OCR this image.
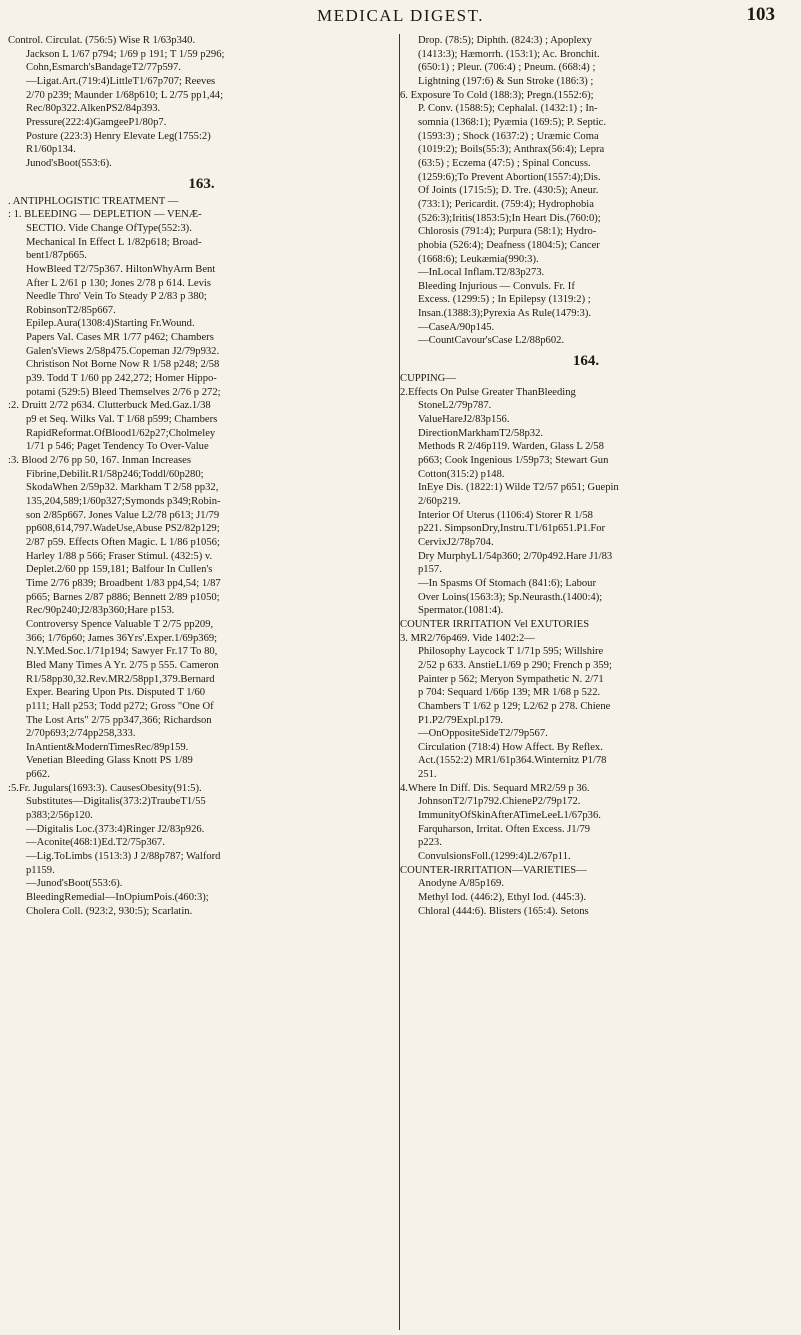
MEDICAL DIGEST.	103
Control. Circulat. (756:5) Wise R 1/63p340.
Jackson L 1/67 p794; 1/69 p 191; T 1/59 p296;
Cohn,Esmarch'sBandageT2/77p597.
—Ligat.Art.(719:4)LittleT1/67p707; Reeves
2/70 p239; Maunder 1/68p610; L 2/75 pp1,44;
Rec/80p322.AlkenPS2/84p393.
Pressure(222:4)GamgeeP1/80p7.
Posture (223:3) Henry Elevate Leg(1755:2)
R1/60p134.
Junod'sBoot(553:6).
163.
. ANTIPHLOGISTIC TREATMENT —
: 1. BLEEDING — DEPLETION — VENÆ-
SECTIO. Vide Change OfType(552:3).
Mechanical In Effect L 1/82p618; Broad-
bent1/87p665.
HowBleed T2/75p367. HiltonWhyArm Bent
After L 2/61 p 130; Jones 2/78 p 614. Levis
Needle Thro' Vein To Steady P 2/83 p 380;
RobinsonT2/85p667.
Epilep.Aura(1308:4)Starting Fr.Wound.
Papers Val. Cases MR 1/77 p462; Chambers
Galen'sViews 2/58p475.Copeman J2/79p932.
Christison Not Borne Now R 1/58 p248; 2/58
p39. Todd T 1/60 pp 242,272; Homer Hippo-
potami (529:5) Bleed Themselves 2/76 p 272;
:2. Druitt 2/72 p634. Clutterbuck Med.Gaz.1/38
p9 et Seq. Wilks Val. T 1/68 p599; Chambers
RapidReformat.OfBlood1/62p27;Cholmeley
1/71 p 546; Paget Tendency To Over-Value
:3. Blood 2/76 pp 50, 167. Inman Increases
Fibrine,Debilit.R1/58p246;Toddl/60p280;
SkodaWhen 2/59p32. Markham T 2/58 pp32,
135,204,589;1/60p327;Symonds p349;Robin-
son 2/85p667. Jones Value L2/78 p613; J1/79
pp608,614,797.WadeUse,Abuse PS2/82p129;
2/87 p59. Effects Often Magic. L 1/86 p1056;
Harley 1/88 p 566; Fraser Stimul. (432:5) v.
Deplet.2/60 pp 159,181; Balfour In Cullen's
Time 2/76 p839; Broadbent 1/83 pp4,54; 1/87
p665; Barnes 2/87 p886; Bennett 2/89 p1050;
Rec/90p240;J2/83p360;Hare p153.
Controversy Spence Valuable T 2/75 pp209,
366; 1/76p60; James 36Yrs'.Exper.1/69p369;
N.Y.Med.Soc.1/71p194; Sawyer Fr.17 To 80,
Bled Many Times A Yr. 2/75 p 555. Cameron
R1/58pp30,32.Rev.MR2/58pp1,379.Bernard
Exper. Bearing Upon Pts. Disputed T 1/60
p111; Hall p253; Todd p272; Gross "One Of
The Lost Arts" 2/75 pp347,366; Richardson
2/70p693;2/74pp258,333.
InAntient&ModernTimesRec/89p159.
Venetian Bleeding Glass Knott PS 1/89
p662.
:5.Fr. Jugulars(1693:3). CausesObesity(91:5).
Substitutes—Digitalis(373:2)TraubeT1/55
p383;2/56p120.
—Digitalis Loc.(373:4)Ringer J2/83p926.
—Aconite(468:1)Ed.T2/75p367.
—Lig.ToLimbs (1513:3) J 2/88p787; Walford
p1159.
—Junod'sBoot(553:6).
BleedingRemedial—InOpiumPois.(460:3);
Cholera Coll. (923:2, 930:5); Scarlatin.
Drop. (78:5); Diphth. (824:3) ; Apoplexy
(1413:3); Hæmorrh. (153:1); Ac. Bronchit.
(650:1) ; Pleur. (706:4) ; Pneum. (668:4) ;
Lightning (197:6) & Sun Stroke (186:3) ;
6. Exposure To Cold (188:3); Pregn.(1552:6);
P. Conv. (1588:5); Cephalal. (1432:1) ; In-
somnia (1368:1); Pyæmia (169:5); P. Septic.
(1593:3) ; Shock (1637:2) ; Uræmic Coma
(1019:2); Boils(55:3); Anthrax(56:4); Lepra
(63:5) ; Eczema (47:5) ; Spinal Concuss.
(1259:6);To Prevent Abortion(1557:4);Dis.
Of Joints (1715:5); D. Tre. (430:5); Aneur.
(733:1); Pericardit. (759:4); Hydrophobia
(526:3);Iritis(1853:5);In Heart Dis.(760:0);
Chlorosis (791:4); Purpura (58:1); Hydro-
phobia (526:4); Deafness (1804:5); Cancer
(1668:6); Leukæmia(990:3).
—InLocal Inflam.T2/83p273.
Bleeding Injurious — Convuls. Fr. If
Excess. (1299:5) ; In Epilepsy (1319:2) ;
Insan.(1388:3);Pyrexia As Rule(1479:3).
—CaseA/90p145.
—CountCavour'sCase L2/88p602.
164.
CUPPING—
2.Effects On Pulse Greater ThanBleeding
StoneL2/79p787.
ValueHareJ2/83p156.
DirectionMarkhamT2/58p32.
Methods R 2/46p119. Warden, Glass L 2/58
p663; Cook Ingenious 1/59p73; Stewart Gun
Cotton(315:2) p148.
InEye Dis. (1822:1) Wilde T2/57 p651; Guepin
2/60p219.
Interior Of Uterus (1106:4) Storer R 1/58
p221. SimpsonDry,Instru.T1/61p651.P1.For
CervixJ2/78p704.
Dry MurphyL1/54p360; 2/70p492.Hare J1/83
p157.
—In Spasms Of Stomach (841:6); Labour
Over Loins(1563:3); Sp.Neurasth.(1400:4);
Spermator.(1081:4).
COUNTER IRRITATION Vel EXUTORIES
3. MR2/76p469. Vide 1402:2—
Philosophy Laycock T 1/71p 595; Willshire
2/52 p 633. AnstieL1/69 p 290; French p 359;
Painter p 562; Meryon Sympathetic N. 2/71
p 704: Sequard 1/66p 139; MR 1/68 p 522.
Chambers T 1/62 p 129; L2/62 p 278. Chiene
P1.P2/79Expl.p179.
—OnOppositeSideT2/79p567.
Circulation (718:4) How Affect. By Reflex.
Act.(1552:2) MR1/61p364.Winternitz P1/78
251.
4.Where In Diff. Dis. Sequard MR2/59 p 36.
JohnsonT2/71p792.ChieneP2/79p172.
ImmunityOfSkinAfterATimeLeeL1/67p36.
Farquharson, Irritat. Often Excess. J1/79
p223.
ConvulsionsFoll.(1299:4)L2/67p11.
COUNTER-IRRITATION—VARIETIES—
Anodyne A/85p169.
Methyl Iod. (446:2), Ethyl Iod. (445:3).
Chloral (444:6). Blisters (165:4). Setons
